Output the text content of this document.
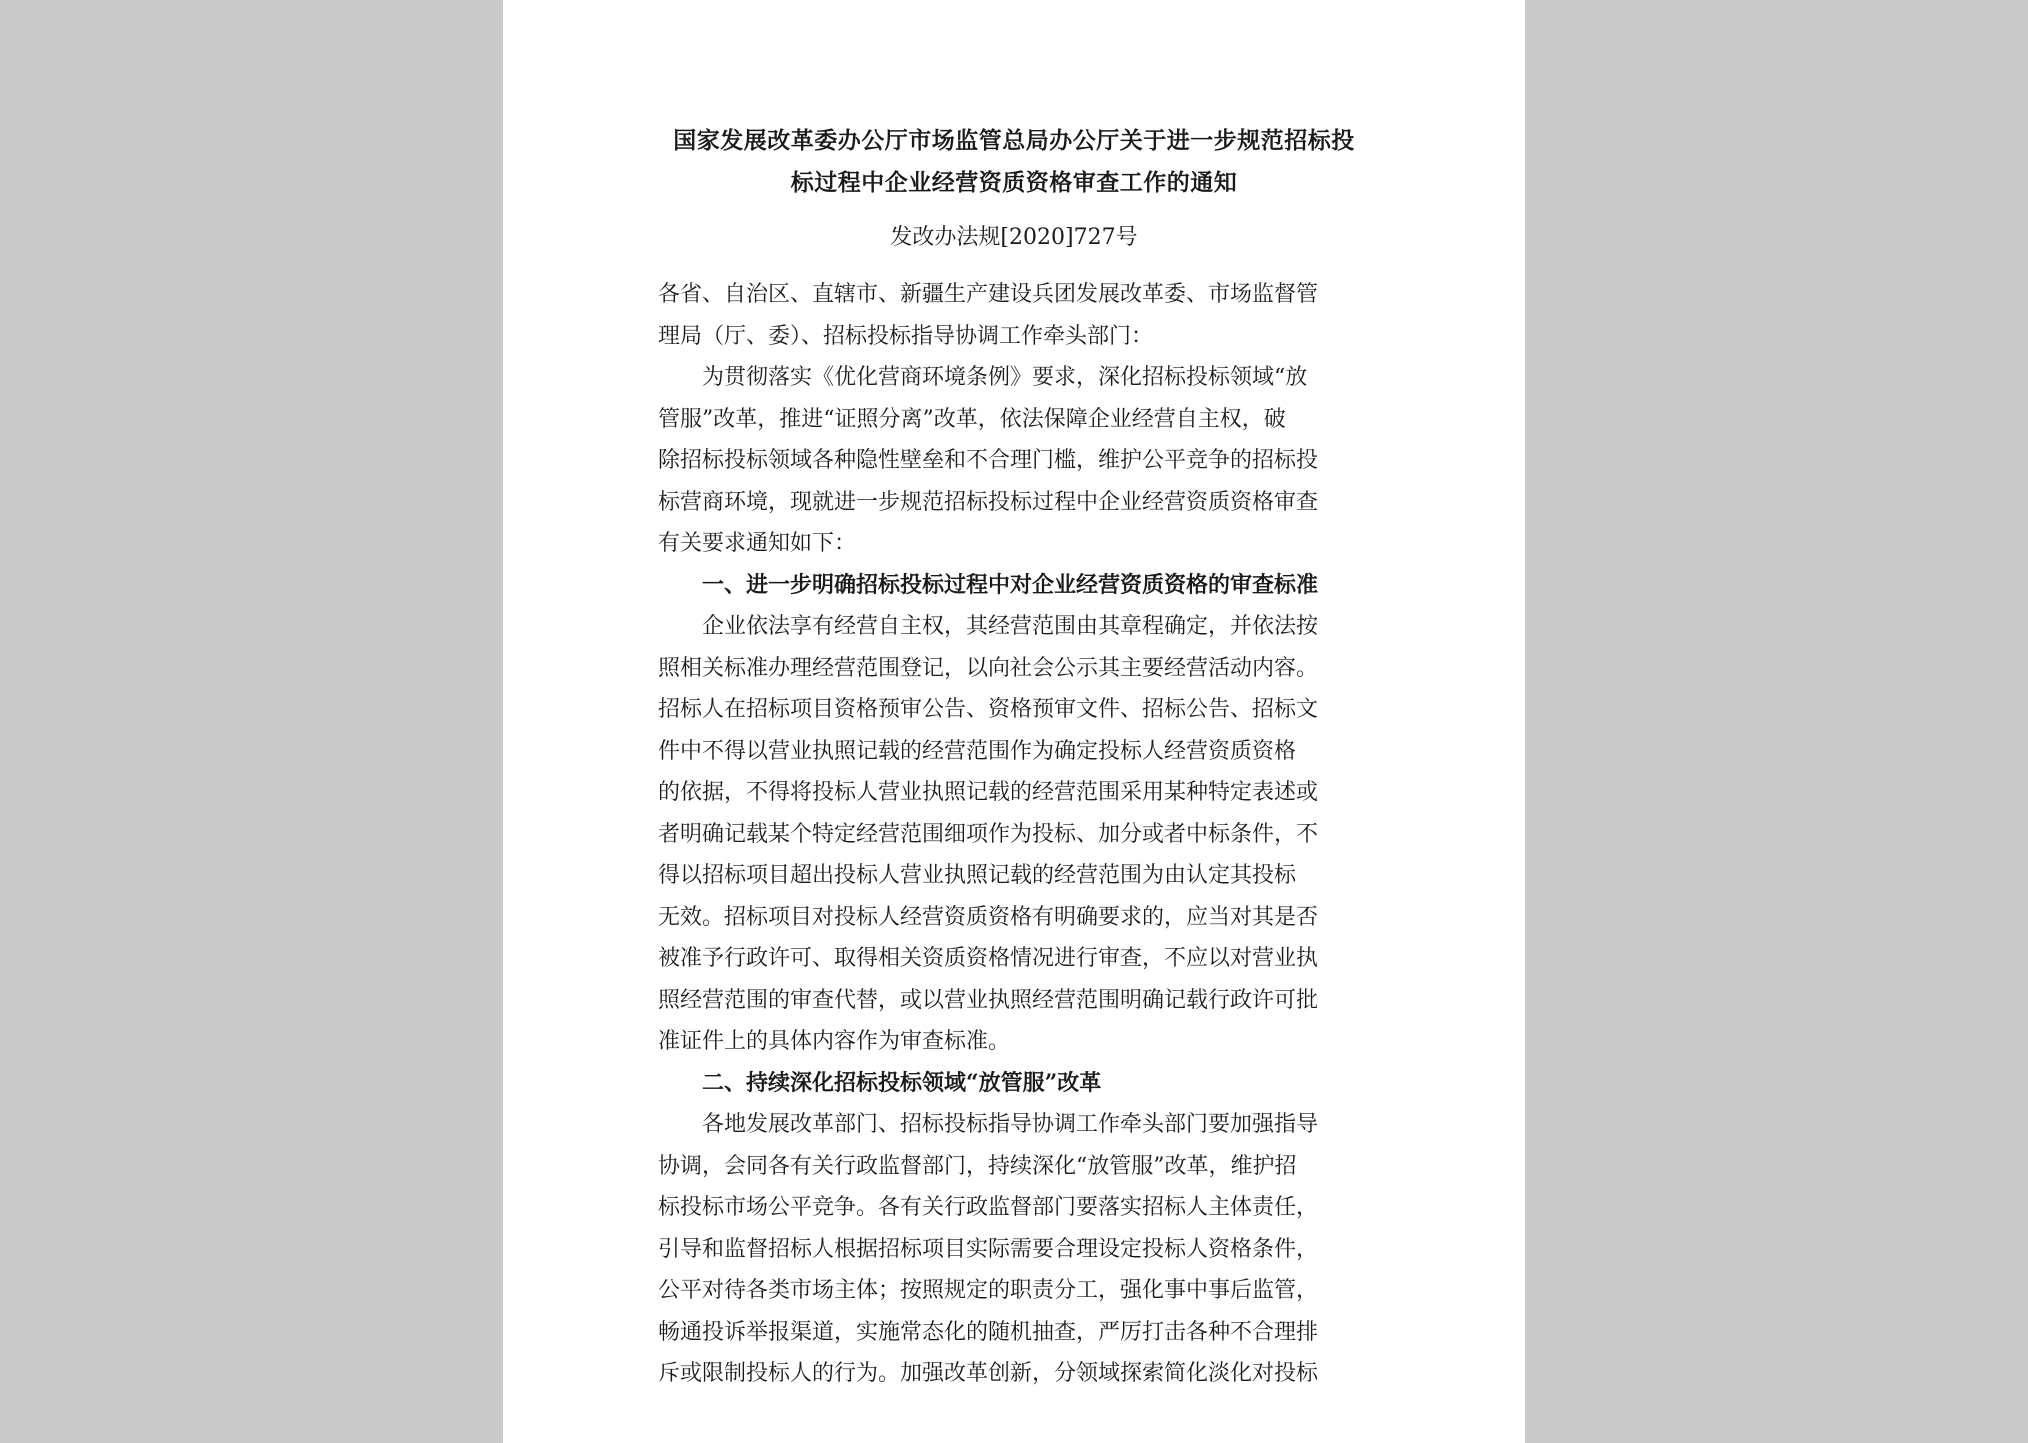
国家发展改革委办公厅市场监管总局办公厅关于进一步规范招标投
标过程中企业经营资质资格审查工作的通知
发改办法规[2020]727号

各省、自治区、直辖市、新疆生产建设兵团发展改革委、市场监督管
理局（厅、委）、招标投标指导协调工作牵头部门：

为贯彻落实《优化营商环境条例》要求，深化招标投标领域“放
管服”改革，推进“证照分离”改革，依法保障企业经营自主权，破
除招标投标领域各种隐性壁垒和不合理门槛，维护公平竞争的招标投
标营商环境，现就进一步规范招标投标过程中企业经营资质资格审查
有关要求通知如下：

一、进一步明确招标投标过程中对企业经营资质资格的审查标准

企业依法享有经营自主权，其经营范围由其章程确定，并依法按
照相关标准办理经营范围登记，以向社会公示其主要经营活动内容。
招标人在招标项目资格预审公告、资格预审文件、招标公告、招标文
件中不得以营业执照记载的经营范围作为确定投标人经营资质资格
的依据，不得将投标人营业执照记载的经营范围采用某种特定表述或
者明确记载某个特定经营范围细项作为投标、加分或者中标条件，不
得以招标项目超出投标人营业执照记载的经营范围为由认定其投标
无效。招标项目对投标人经营资质资格有明确要求的，应当对其是否
被准予行政许可、取得相关资质资格情况进行审查，不应以对营业执
照经营范围的审查代替，或以营业执照经营范围明确记载行政许可批
准证件上的具体内容作为审查标准。

二、持续深化招标投标领域“放管服”改革

各地发展改革部门、招标投标指导协调工作牵头部门要加强指导
协调，会同各有关行政监督部门，持续深化“放管服”改革，维护招
标投标市场公平竞争。各有关行政监督部门要落实招标人主体责任，
引导和监督招标人根据招标项目实际需要合理设定投标人资格条件，
公平对待各类市场主体；按照规定的职责分工，强化事中事后监管，
畅通投诉举报渠道，实施常态化的随机抽查，严厉打击各种不合理排
斥或限制投标人的行为。加强改革创新，分领域探索简化淡化对投标
